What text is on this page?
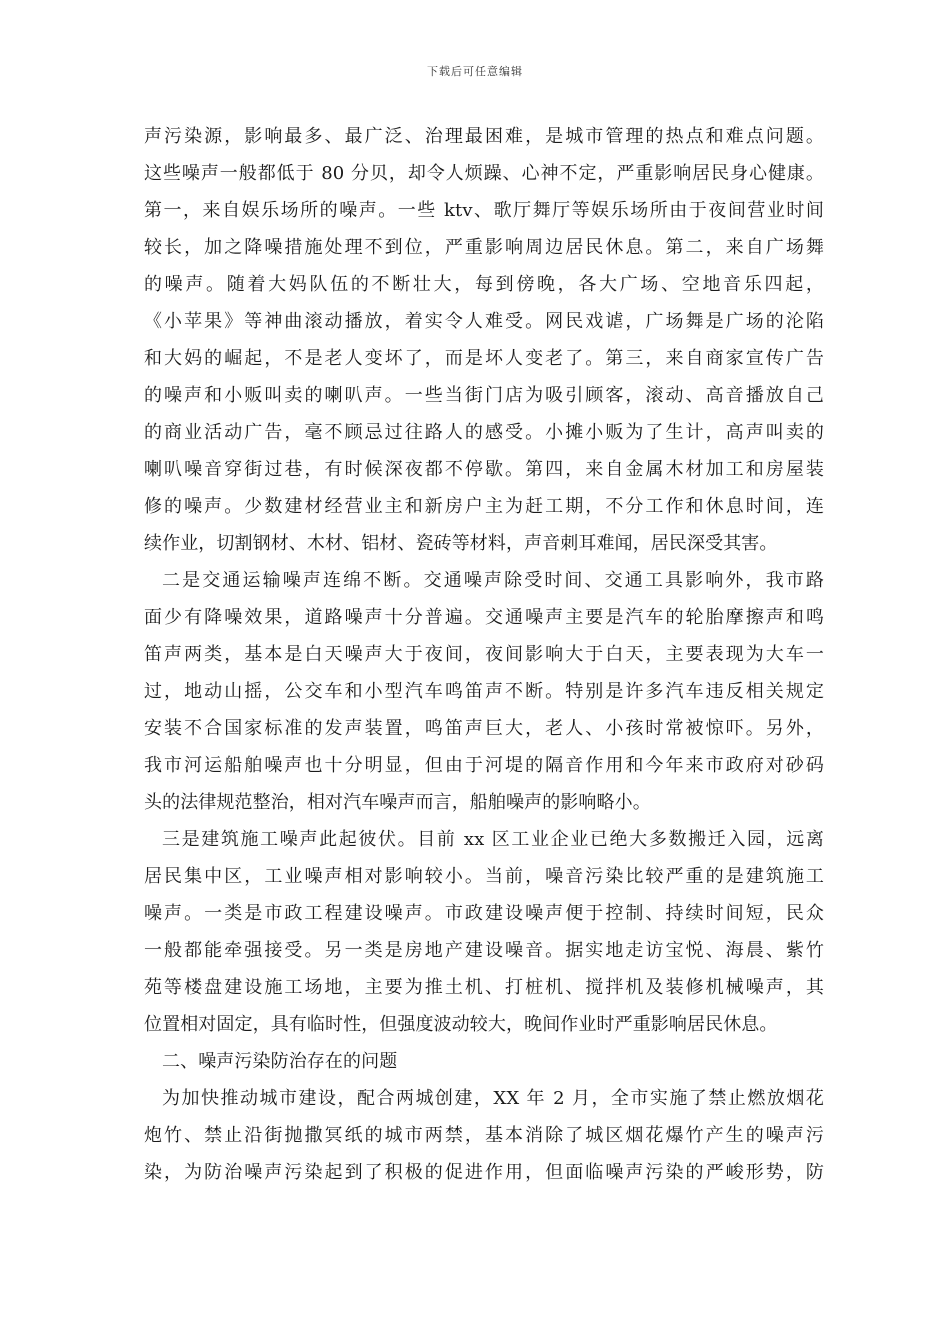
下载后可任意编辑
声污染源，影响最多、最广泛、治理最困难，是城市管理的热点和难点问题。
这些噪声一般都低于 80 分贝，却令人烦躁、心神不定，严重影响居民身心健康。
第一，来自娱乐场所的噪声。一些 ktv、歌厅舞厅等娱乐场所由于夜间营业时间
较长，加之降噪措施处理不到位，严重影响周边居民休息。第二，来自广场舞
的噪声。随着大妈队伍的不断壮大，每到傍晚，各大广场、空地音乐四起，
《小苹果》等神曲滚动播放，着实令人难受。网民戏谑，广场舞是广场的沦陷
和大妈的崛起，不是老人变坏了，而是坏人变老了。第三，来自商家宣传广告
的噪声和小贩叫卖的喇叭声。一些当街门店为吸引顾客，滚动、高音播放自己
的商业活动广告，毫不顾忌过往路人的感受。小摊小贩为了生计，高声叫卖的
喇叭噪音穿街过巷，有时候深夜都不停歇。第四，来自金属木材加工和房屋装
修的噪声。少数建材经营业主和新房户主为赶工期，不分工作和休息时间，连
续作业，切割钢材、木材、铝材、瓷砖等材料，声音刺耳难闻，居民深受其害。
二是交通运输噪声连绵不断。交通噪声除受时间、交通工具影响外，我市路
面少有降噪效果，道路噪声十分普遍。交通噪声主要是汽车的轮胎摩擦声和鸣
笛声两类，基本是白天噪声大于夜间，夜间影响大于白天，主要表现为大车一
过，地动山摇，公交车和小型汽车鸣笛声不断。特别是许多汽车违反相关规定
安装不合国家标准的发声装置，鸣笛声巨大，老人、小孩时常被惊吓。另外，
我市河运船舶噪声也十分明显，但由于河堤的隔音作用和今年来市政府对砂码
头的法律规范整治，相对汽车噪声而言，船舶噪声的影响略小。
三是建筑施工噪声此起彼伏。目前 xx 区工业企业已绝大多数搬迁入园，远离
居民集中区，工业噪声相对影响较小。当前，噪音污染比较严重的是建筑施工
噪声。一类是市政工程建设噪声。市政建设噪声便于控制、持续时间短，民众
一般都能牵强接受。另一类是房地产建设噪音。据实地走访宝悦、海晨、紫竹
苑等楼盘建设施工场地，主要为推土机、打桩机、搅拌机及装修机械噪声，其
位置相对固定，具有临时性，但强度波动较大，晚间作业时严重影响居民休息。
二、噪声污染防治存在的问题
为加快推动城市建设，配合两城创建，XX 年 2 月，全市实施了禁止燃放烟花
炮竹、禁止沿街抛撒冥纸的城市两禁，基本消除了城区烟花爆竹产生的噪声污
染，为防治噪声污染起到了积极的促进作用，但面临噪声污染的严峻形势，防
